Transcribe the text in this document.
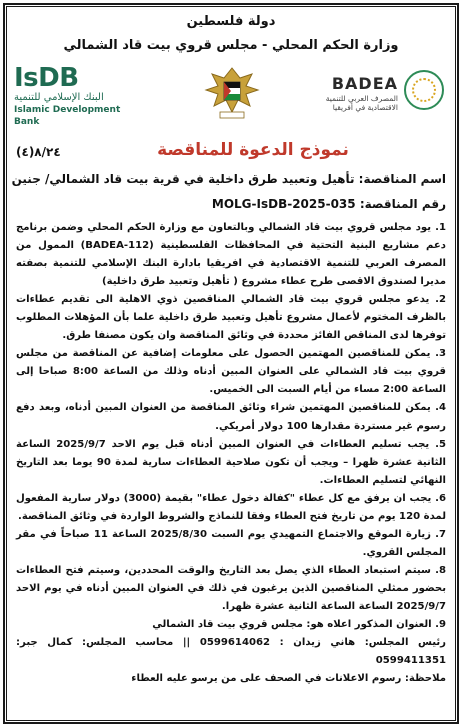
دولة فلسطين
وزارة الحكم المحلي - مجلس قروي بيت قاد الشمالي
IsDB
البنك الإسلامي للتنمية
Islamic Development Bank
BADEA
المصرف العربي للتنمية الاقتصادية في أفريقيا
(٤)٨/٢٤	نموذج الدعوة للمناقصة
اسم المناقصة: تأهيل وتعبيد طرق داخلية في قرية بيت قاد الشمالي/ جنين
رقم المناقصة: MOLG-IsDB-2025-035

1. يود مجلس قروي بيت قاد الشمالي وبالتعاون مع وزارة الحكم المحلي وضمن برنامج دعم مشاريع البنية التحتية في المحافظات الفلسطينية (BADEA-112) الممول من المصرف العربي للتنمية الاقتصادية في افريقيا بادارة البنك الإسلامي للتنمية بصفته مديرا لصندوق الاقصى طرح عطاء مشروع ( تأهيل وتعبيد طرق داخلية)

2. يدعو مجلس قروي بيت قاد الشمالي المناقصين ذوي الاهلية الى تقديم عطاءات بالظرف المختوم لأعمال مشروع تأهيل وتعبيد طرق داخلية علما بأن المؤهلات المطلوب توفرها لدى المناقص الفائز محددة في وثائق المناقصة وان يكون مصنفا طرق.

3. يمكن للمناقصين المهتمين الحصول على معلومات إضافية عن المناقصة من مجلس قروي بيت قاد الشمالي على العنوان المبين أدناه وذلك من الساعة 8:00 صباحا إلى الساعة 2:00 مساء من أيام السبت الى الخميس.

4. يمكن للمناقصين المهتمين شراء وثائق المناقصة من العنوان المبين أدناه، وبعد دفع رسوم غير مستردة مقدارها 100 دولار أمريكي.

5. يجب تسليم العطاءات في العنوان المبين أدناه قبل يوم الاحد 2025/9/7 الساعة الثانية عشرة ظهرا – ويجب أن تكون صلاحية العطاءات سارية لمدة 90 يوما بعد التاريخ النهائي لتسليم العطاءات.

6. يجب ان يرفق مع كل عطاء "كفالة دخول عطاء" بقيمة (3000) دولار سارية المفعول لمدة 120 يوم من تاريخ فتح العطاء وفقا للنماذج والشروط الواردة في وثائق المناقصة.

7. زيارة الموقع والاجتماع التمهيدي يوم السبت 2025/8/30 الساعة 11 صباحاً في مقر المجلس القروي.

8. سيتم استبعاد العطاء الذي يصل بعد التاريخ والوقت المحددين، وسيتم فتح العطاءات بحضور ممثلي المناقصين الذين يرغبون في ذلك في العنوان المبين أدناه في يوم الاحد 2025/9/7 الساعة الساعة الثانية عشرة ظهرا.

9. العنوان المذكور اعلاه هو: مجلس قروي بيت قاد الشمالي

رئيس المجلس: هاني زيدان : 0599614062 || محاسب المجلس: كمال جبر: 0599411351

ملاحظة: رسوم الاعلانات في الصحف على من يرسو عليه العطاء
